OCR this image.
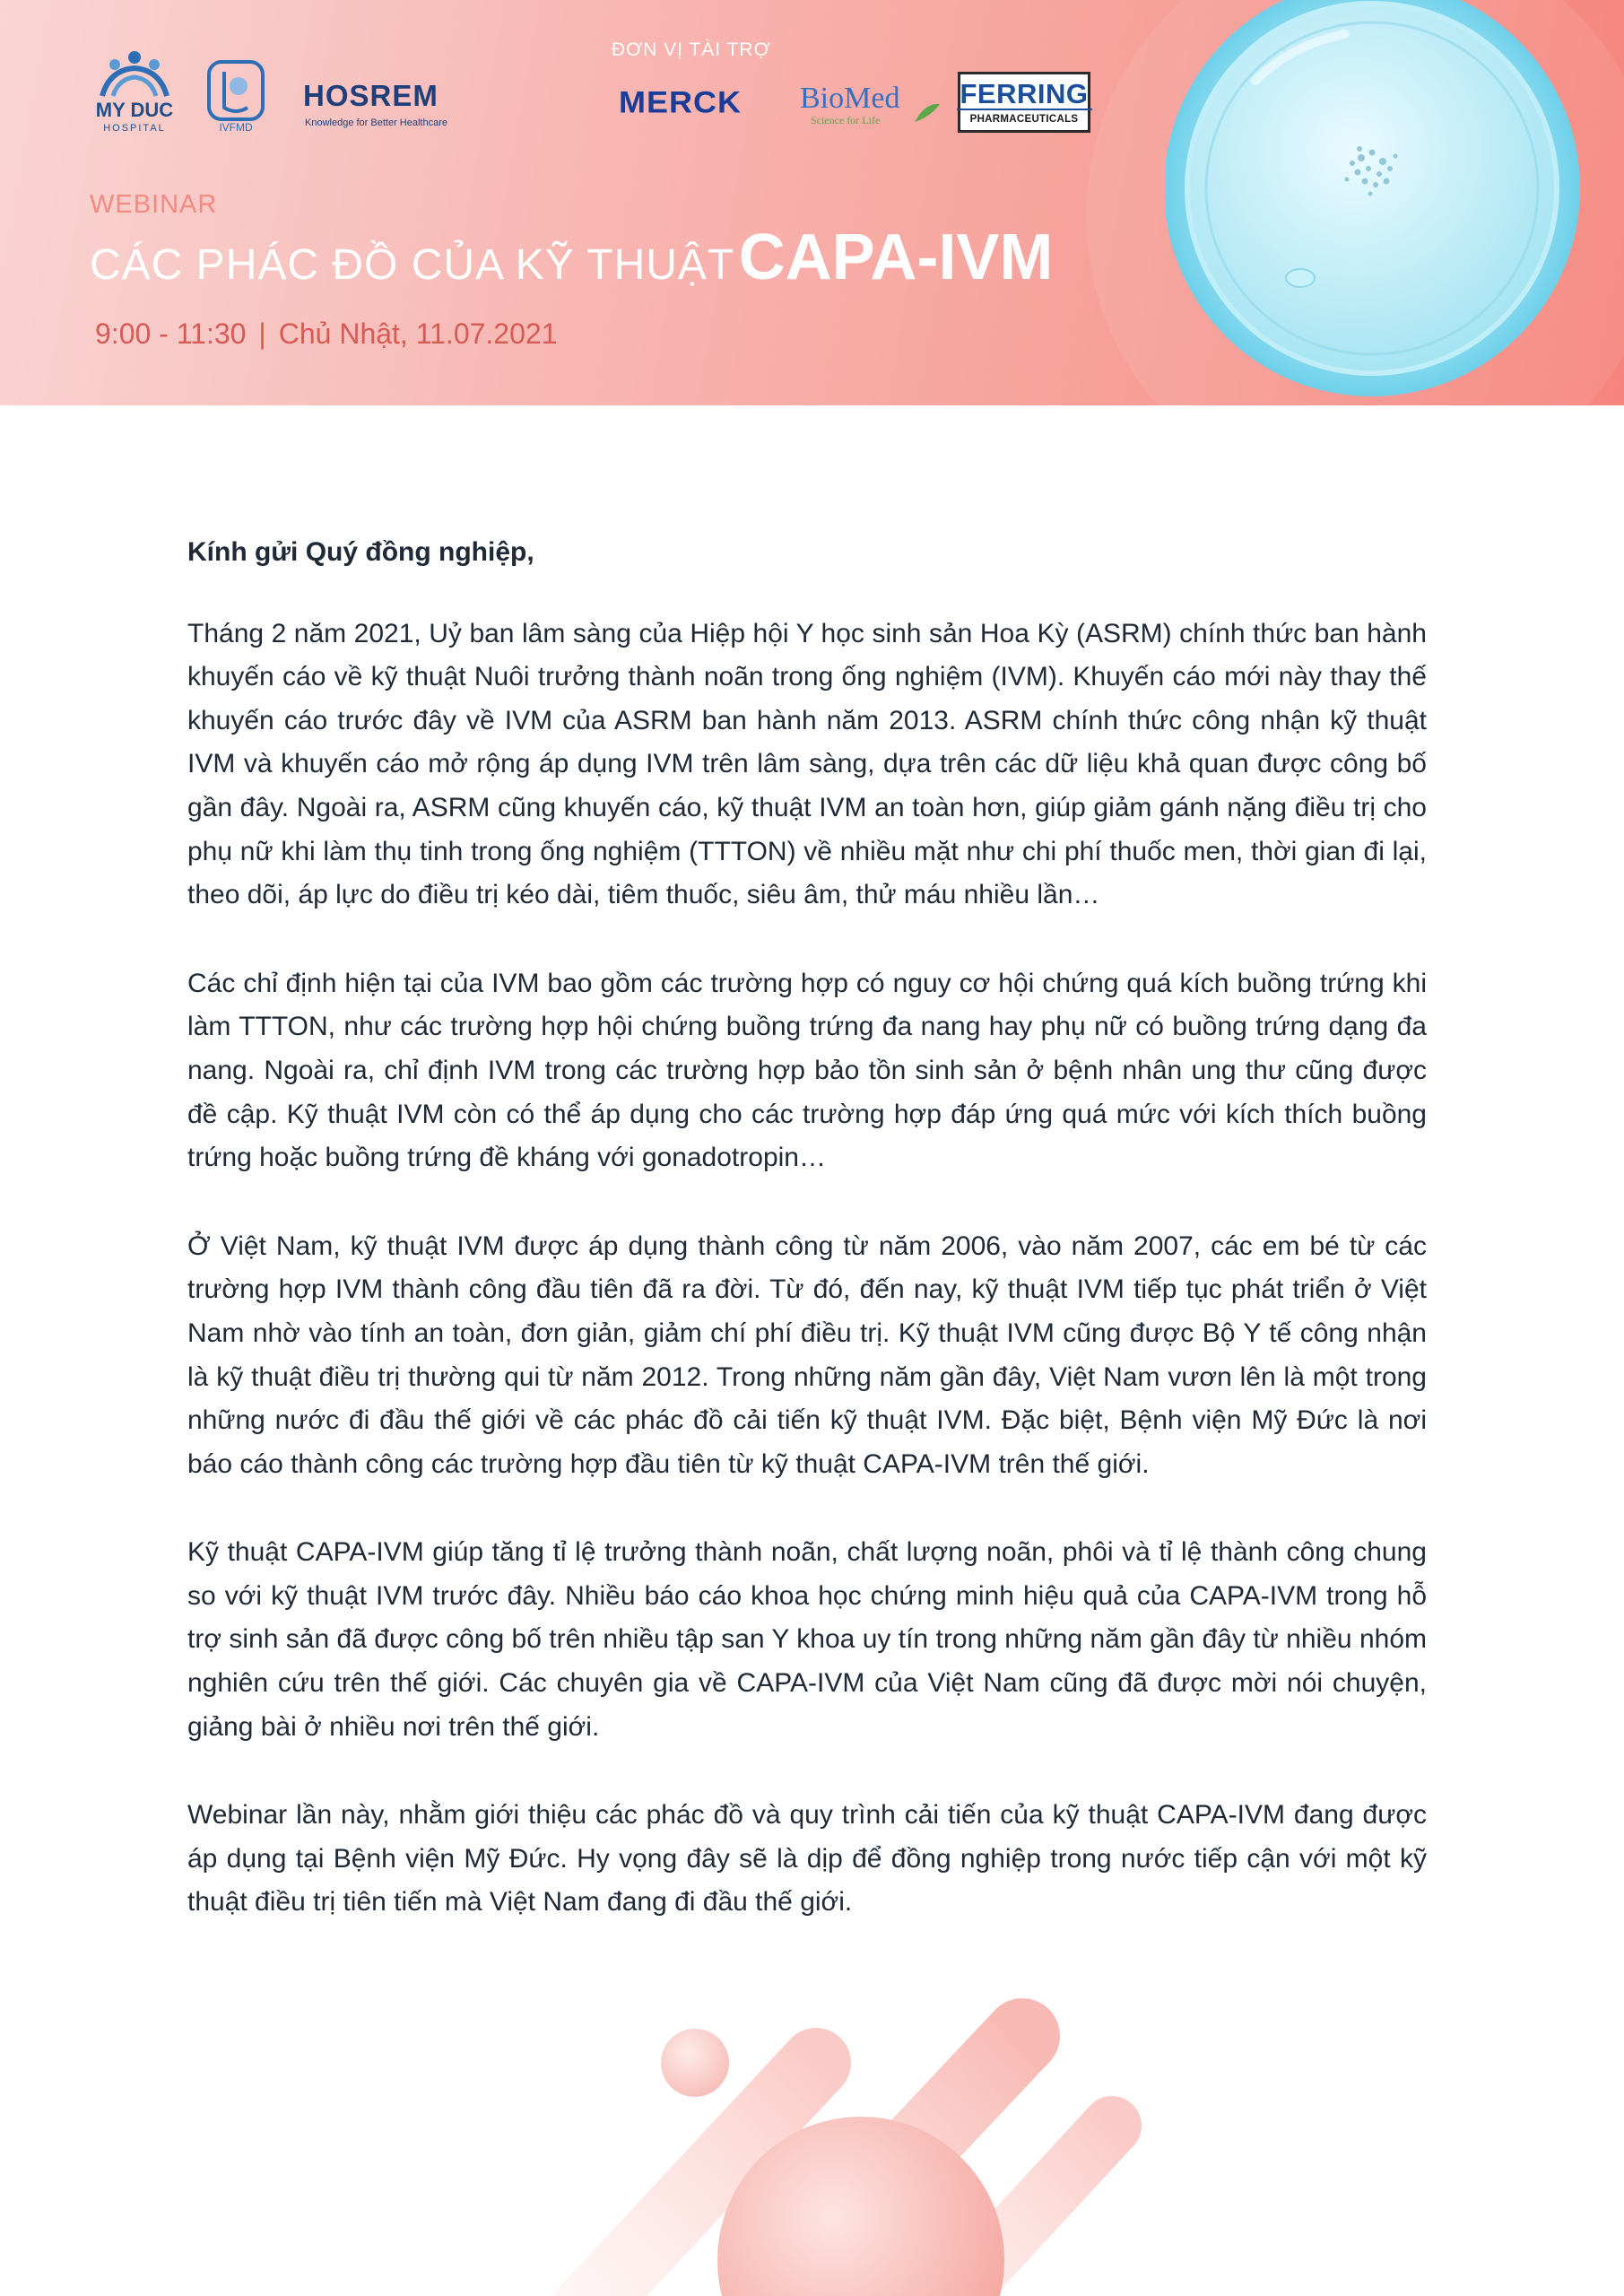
MY DUC
HOSPITAL	IVFMD
HOSREM
Knowledge for Better Healthcare
ĐƠN VỊ TÀI TRỢ
MERCK BioMed
Science for Life
FERRING
PHARMACEUTICALS
WEBINAR
CÁC PHÁC ĐỒ CỦA KỸ THUẬT CAPA-IVM
9:00 - 11:30 | Chủ Nhật, 11.07.2021

Kính gửi Quý đồng nghiệp,

Tháng 2 năm 2021, Uỷ ban lâm sàng của Hiệp hội Y học sinh sản Hoa Kỳ (ASRM) chính thức ban hành khuyến cáo về kỹ thuật Nuôi trưởng thành noãn trong ống nghiệm (IVM). Khuyến cáo mới này thay thế khuyến cáo trước đây về IVM của ASRM ban hành năm 2013. ASRM chính thức công nhận kỹ thuật IVM và khuyến cáo mở rộng áp dụng IVM trên lâm sàng, dựa trên các dữ liệu khả quan được công bố gần đây. Ngoài ra, ASRM cũng khuyến cáo, kỹ thuật IVM an toàn hơn, giúp giảm gánh nặng điều trị cho phụ nữ khi làm thụ tinh trong ống nghiệm (TTTON) về nhiều mặt như chi phí thuốc men, thời gian đi lại, theo dõi, áp lực do điều trị kéo dài, tiêm thuốc, siêu âm, thử máu nhiều lần…

Các chỉ định hiện tại của IVM bao gồm các trường hợp có nguy cơ hội chứng quá kích buồng trứng khi làm TTTON, như các trường hợp hội chứng buồng trứng đa nang hay phụ nữ có buồng trứng dạng đa nang. Ngoài ra, chỉ định IVM trong các trường hợp bảo tồn sinh sản ở bệnh nhân ung thư cũng được đề cập. Kỹ thuật IVM còn có thể áp dụng cho các trường hợp đáp ứng quá mức với kích thích buồng trứng hoặc buồng trứng đề kháng với gonadotropin…

Ở Việt Nam, kỹ thuật IVM được áp dụng thành công từ năm 2006, vào năm 2007, các em bé từ các trường hợp IVM thành công đầu tiên đã ra đời. Từ đó, đến nay, kỹ thuật IVM tiếp tục phát triển ở Việt Nam nhờ vào tính an toàn, đơn giản, giảm chí phí điều trị. Kỹ thuật IVM cũng được Bộ Y tế công nhận là kỹ thuật điều trị thường qui từ năm 2012. Trong những năm gần đây, Việt Nam vươn lên là một trong những nước đi đầu thế giới về các phác đồ cải tiến kỹ thuật IVM. Đặc biệt, Bệnh viện Mỹ Đức là nơi báo cáo thành công các trường hợp đầu tiên từ kỹ thuật CAPA-IVM trên thế giới.

Kỹ thuật CAPA-IVM giúp tăng tỉ lệ trưởng thành noãn, chất lượng noãn, phôi và tỉ lệ thành công chung so với kỹ thuật IVM trước đây. Nhiều báo cáo khoa học chứng minh hiệu quả của CAPA-IVM trong hỗ trợ sinh sản đã được công bố trên nhiều tập san Y khoa uy tín trong những năm gần đây từ nhiều nhóm nghiên cứu trên thế giới. Các chuyên gia về CAPA-IVM của Việt Nam cũng đã được mời nói chuyện, giảng bài ở nhiều nơi trên thế giới.

Webinar lần này, nhằm giới thiệu các phác đồ và quy trình cải tiến của kỹ thuật CAPA-IVM đang được áp dụng tại Bệnh viện Mỹ Đức. Hy vọng đây sẽ là dịp để đồng nghiệp trong nước tiếp cận với một kỹ thuật điều trị tiên tiến mà Việt Nam đang đi đầu thế giới.
